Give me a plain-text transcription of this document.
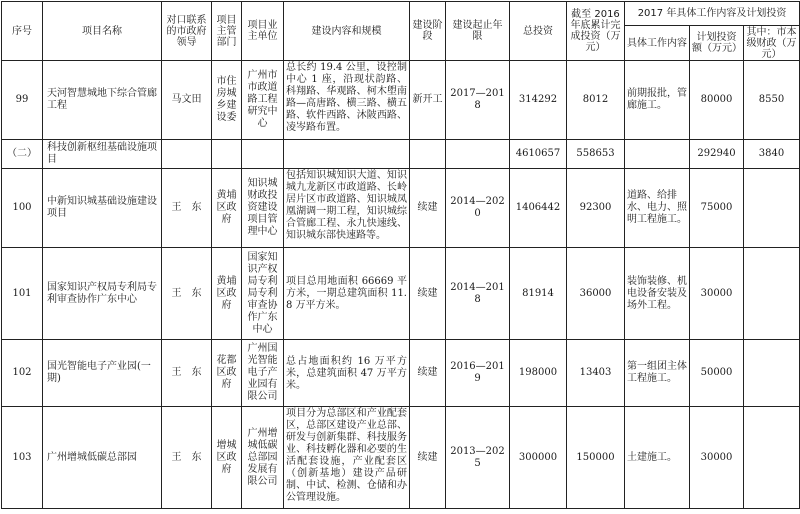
序号	项目名称	对口联系的市政府领导	项目主管部门	项目业主单位	建设内容和规模	建设阶段	建设起止年限	总投资	截至 2016 年底累计完成投资（万元）	2017 年具体工作内容及计划投资		
										具体工作内容	计划投资额（万元）	其中：市本级财政（万元）
99	天河智慧城地下综合管廊工程	马文田	市住房城乡建设委	广州市市政道路工程研究中心	总长约 19.4 公里，设控制中心 1 座，沿现状韵路、科翔路、华观路、柯木塱南路—高唐路、横三路、横五路、软件西路、沐陂西路、凌岑路布置。	新开工	2017—2018	314292	8012	前期报批，管廊施工。	80000	8550
（二）	科技创新枢纽基础设施项目							4610657	558653		292940	3840
100	中新知识城基础设施建设项目	王　东	黄埔区政府	知识城财政投资建设项目管理中心	包括知识城知识大道、知识城九龙新区市政道路、长岭居片区市政道路、知识城凤凰湖调一期工程，知识城综合管廊工程、永九快速线、知识城东部快速路等。	续建	2014—2020	1406442	92300	道路、给排水、电力、照明工程施工。	75000	
101	国家知识产权局专利局专利审查协作广东中心	王　东	黄埔区政府	国家知识产权局专利局专利审查协作广东中心	项目总用地面积 66669 平方米，一期总建筑面积 11.8 万平方米。	续建	2014—2018	81914	36000	装饰装修、机电设备安装及场外工程。	30000	
102	国光智能电子产业园(一期)	王　东	花都区政府	广州国光智能电子产业园有限公司	总占地面积约 16 万平方米，总建筑面积 47 万平方米。	续建	2016—2019	198000	13403	第一组团主体工程施工。	50000	
103	广州增城低碳总部园	王　东	增城区政府	广州增城低碳总部园发展有限公司	项目分为总部区和产业配套区，总部区建设产业总部、研发与创新集群、科技服务业、科技孵化器和必要的生活配套设施，产业配套区（创新基地）建设产品研制、中试、检测、仓储和办公管理设施。	续建	2013—2025	300000	150000	土建施工。	30000	
